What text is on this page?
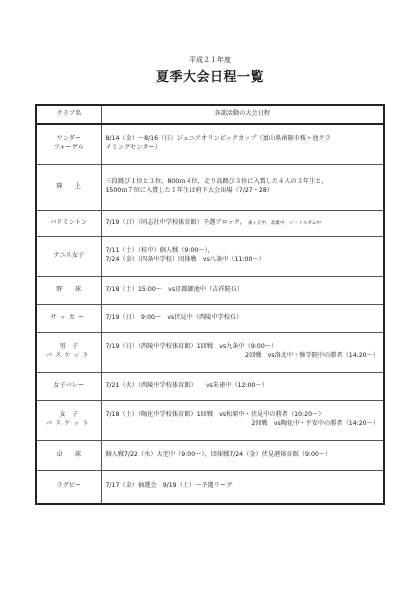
平成２１年度
夏季大会日程一覧
クラブ名	各部活動の大会日程

ワンダー
フォーゲル	8/14（金）〜8/16（日）ジュニアオリンピックカップ（富山県南砺市桜ヶ池クラ
イミングセンター）

陸　　上	三段跳び１位と３位，800ｍ４位，走り高跳び３位に入賞した４人の３年生と，
1500ｍ７位に入賞した１年生は府下大会出場（7/27・28）

バドミントン	7/19（日）（同志社中学校体育館）予選ブロック， 東ヶ丘中、高雄中、ノートルダム中

テニス女子	7/11（土）（桂中）個人戦（9:00〜），
7/24（金）（四条中学校）団体戦　vs八条中（11:00〜）

野　　球	7/18（土）15:00〜　vs京都御池中（吉祥院Ｇ）

サッカー	7/19（日）　9:00〜　vs伏見中（西陵中学校Ｇ）

男　子
バスケット	7/19（日）（西陵中学校体育館）1回戦　vs九条中（9:00〜）
2回戦　vs洛北中・修学院中の勝者（14:20〜）

女子バレー	7/21（火）（西陵中学校体育館）　　vs朱雀中（12:00〜）

女　子
バスケット	7/18（土）（陶化中学校体育館）1回戦　vs松原中・伏見中の勝者（10:20〜）
2回戦　vs陶化中・平安中の勝者（14:20〜）

卓　　球	個人戦7/22（水）大宅中（9:00〜），団体戦7/24（金）伏見港体育館（9:00〜）

ラグビー	7/17（金）抽選会　9/19（土）〜予選リーグ
